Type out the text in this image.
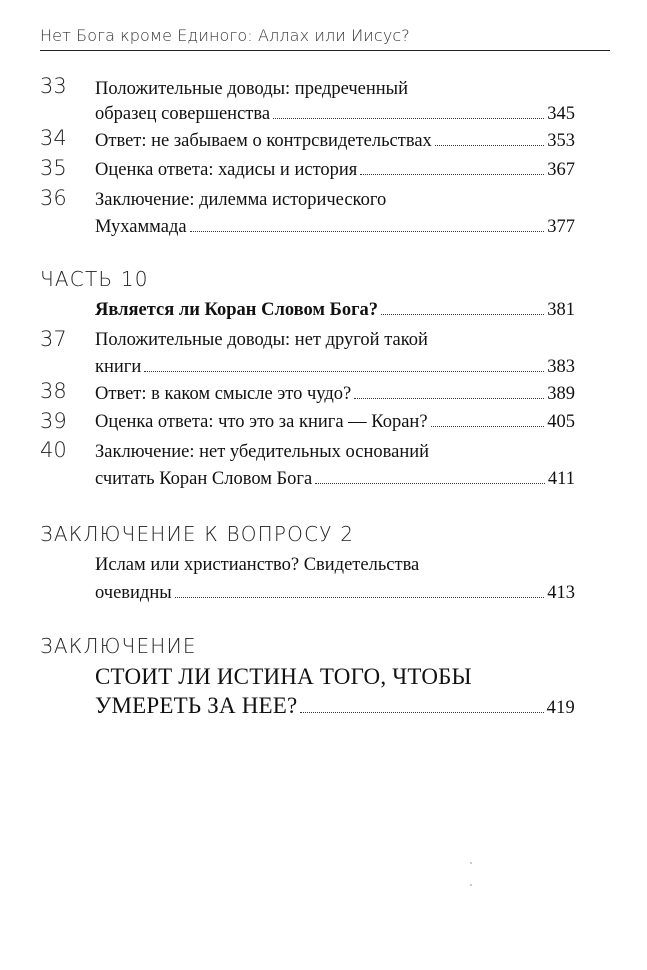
Нет Бога кроме Единого: Аллах или Иисус?
33 Положительные доводы: предреченный
образец совершенства	345
34 Ответ: не забываем о контрсвидетельствах	353
35 Оценка ответа: хадисы и история	367
36 Заключение: дилемма исторического
Мухаммада	377
ЧАСТЬ 10
Является ли Коран Словом Бога?	381
37 Положительные доводы: нет другой такой
книги	383
38 Ответ: в каком смысле это чудо?	389
39 Оценка ответа: что это за книга — Коран?	405
40 Заключение: нет убедительных оснований
считать Коран Словом Бога	411
ЗАКЛЮЧЕНИЕ К ВОПРОСУ 2
Ислам или христианство? Свидетельства
очевидны	413
ЗАКЛЮЧЕНИЕ
СТОИТ ЛИ ИСТИНА ТОГО, ЧТОБЫ
УМЕРЕТЬ ЗА НЕЕ?	419
